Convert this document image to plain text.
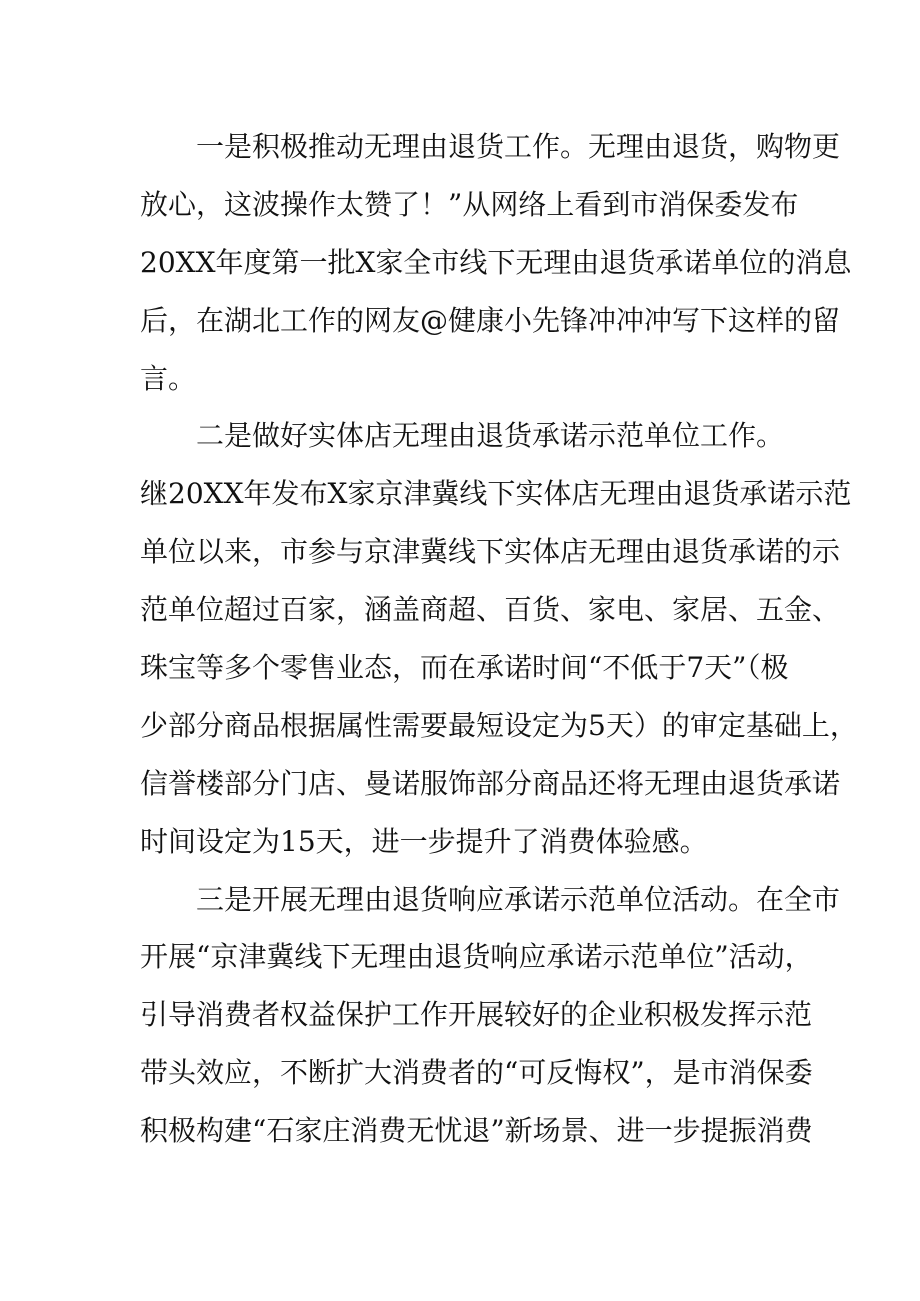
一是积极推动无理由退货工作。无理由退货，购物更
放心，这波操作太赞了！”从网络上看到市消保委发布
20XX年度第一批X家全市线下无理由退货承诺单位的消息
后，在湖北工作的网友@健康小先锋冲冲冲写下这样的留
言。
二是做好实体店无理由退货承诺示范单位工作。
继20XX年发布X家京津冀线下实体店无理由退货承诺示范
单位以来，市参与京津冀线下实体店无理由退货承诺的示
范单位超过百家，涵盖商超、百货、家电、家居、五金、
珠宝等多个零售业态，而在承诺时间“不低于7天”（极
少部分商品根据属性需要最短设定为5天）的审定基础上，
信誉楼部分门店、曼诺服饰部分商品还将无理由退货承诺
时间设定为15天，进一步提升了消费体验感。
三是开展无理由退货响应承诺示范单位活动。在全市
开展“京津冀线下无理由退货响应承诺示范单位”活动，
引导消费者权益保护工作开展较好的企业积极发挥示范
带头效应，不断扩大消费者的“可反悔权”，是市消保委
积极构建“石家庄消费无忧退”新场景、进一步提振消费
